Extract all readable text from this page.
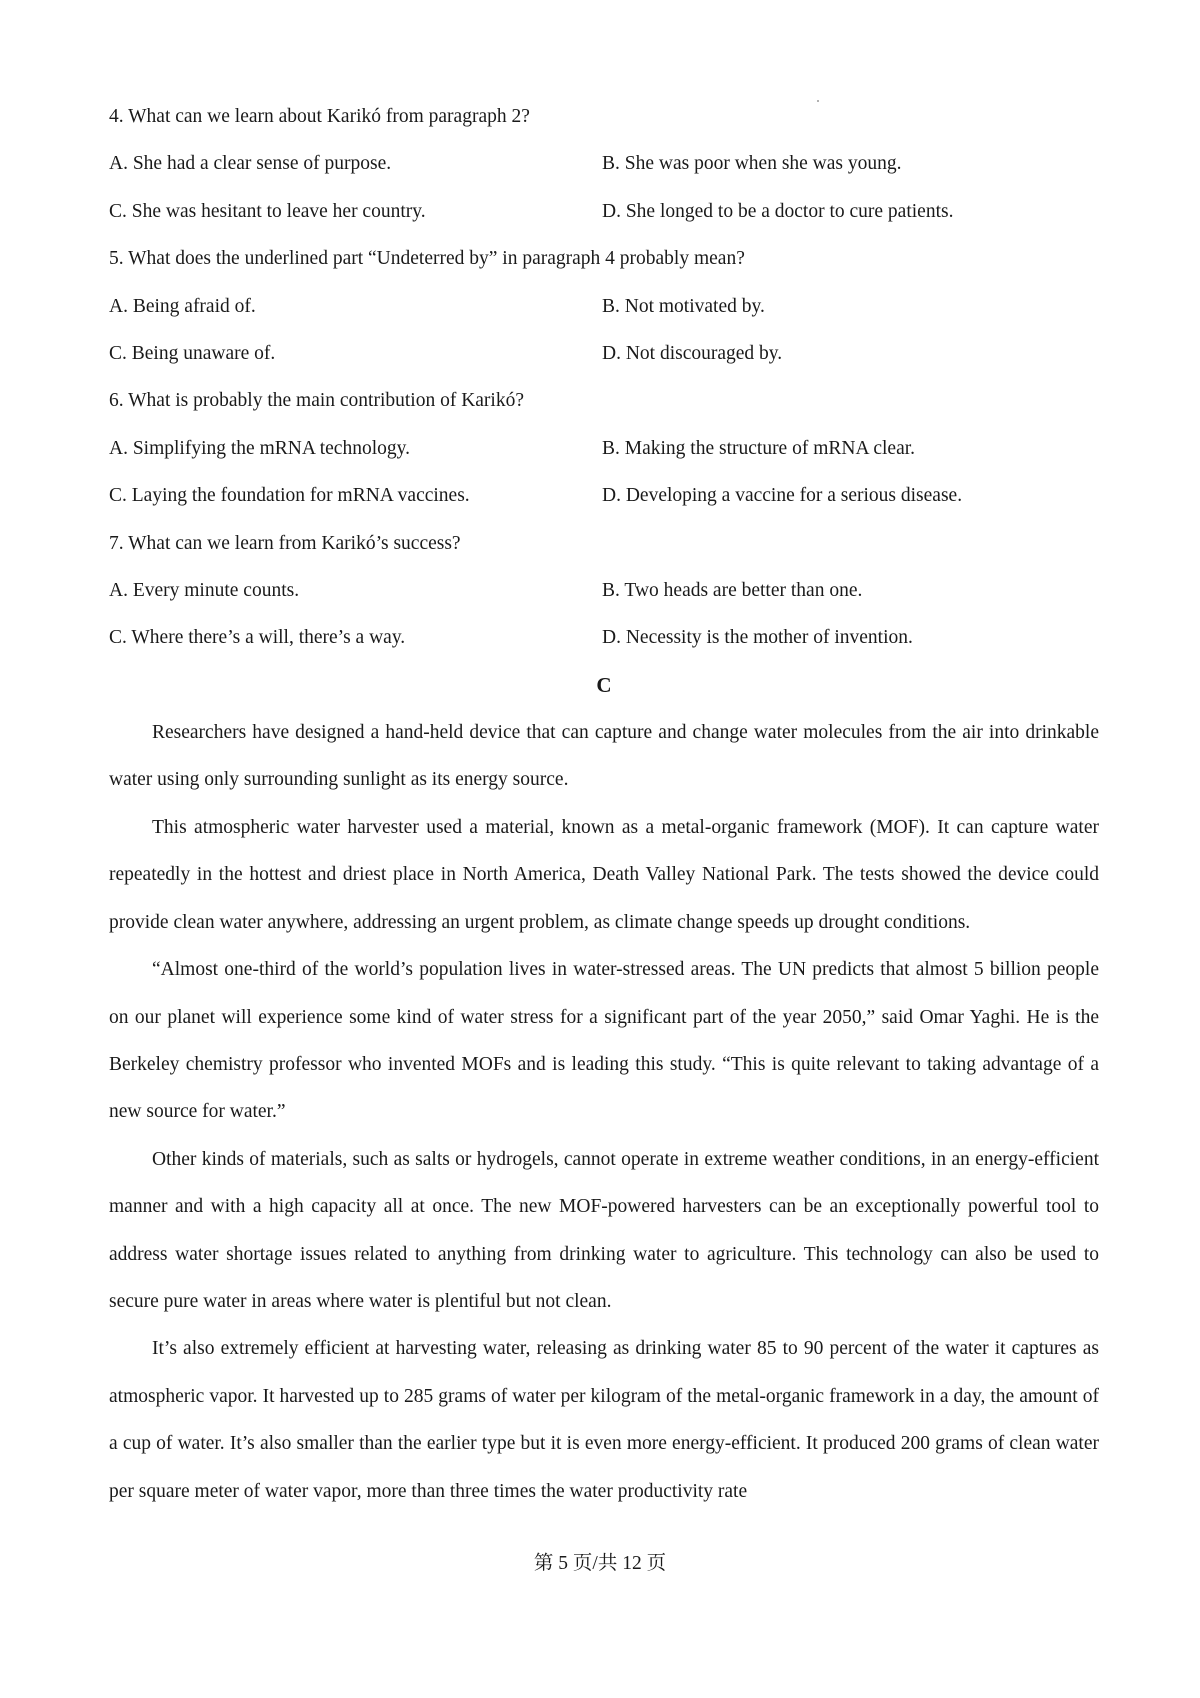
4. What can we learn about Karikó from paragraph 2?
A. She had a clear sense of purpose.	B. She was poor when she was young.
C. She was hesitant to leave her country.	D. She longed to be a doctor to cure patients.
5. What does the underlined part “Undeterred by” in paragraph 4 probably mean?
A. Being afraid of.	B. Not motivated by.
C. Being unaware of.	D. Not discouraged by.
6. What is probably the main contribution of Karikó?
A. Simplifying the mRNA technology.	B. Making the structure of mRNA clear.
C. Laying the foundation for mRNA vaccines.	D. Developing a vaccine for a serious disease.
7. What can we learn from Karikó’s success?
A. Every minute counts.	B. Two heads are better than one.
C. Where there’s a will, there’s a way.	D. Necessity is the mother of invention.
C

Researchers have designed a hand-held device that can capture and change water molecules from the air into drinkable water using only surrounding sunlight as its energy source.

This atmospheric water harvester used a material, known as a metal-organic framework (MOF). It can capture water repeatedly in the hottest and driest place in North America, Death Valley National Park. The tests showed the device could provide clean water anywhere, addressing an urgent problem, as climate change speeds up drought conditions.

“Almost one-third of the world’s population lives in water-stressed areas. The UN predicts that almost 5 billion people on our planet will experience some kind of water stress for a significant part of the year 2050,” said Omar Yaghi. He is the Berkeley chemistry professor who invented MOFs and is leading this study. “This is quite relevant to taking advantage of a new source for water.”

Other kinds of materials, such as salts or hydrogels, cannot operate in extreme weather conditions, in an energy-efficient manner and with a high capacity all at once. The new MOF-powered harvesters can be an exceptionally powerful tool to address water shortage issues related to anything from drinking water to agriculture. This technology can also be used to secure pure water in areas where water is plentiful but not clean.

It’s also extremely efficient at harvesting water, releasing as drinking water 85 to 90 percent of the water it captures as atmospheric vapor. It harvested up to 285 grams of water per kilogram of the metal-organic framework in a day, the amount of a cup of water. It’s also smaller than the earlier type but it is even more energy-efficient. It produced 200 grams of clean water per square meter of water vapor, more than three times the water productivity rate

第 5 页/共 12 页
